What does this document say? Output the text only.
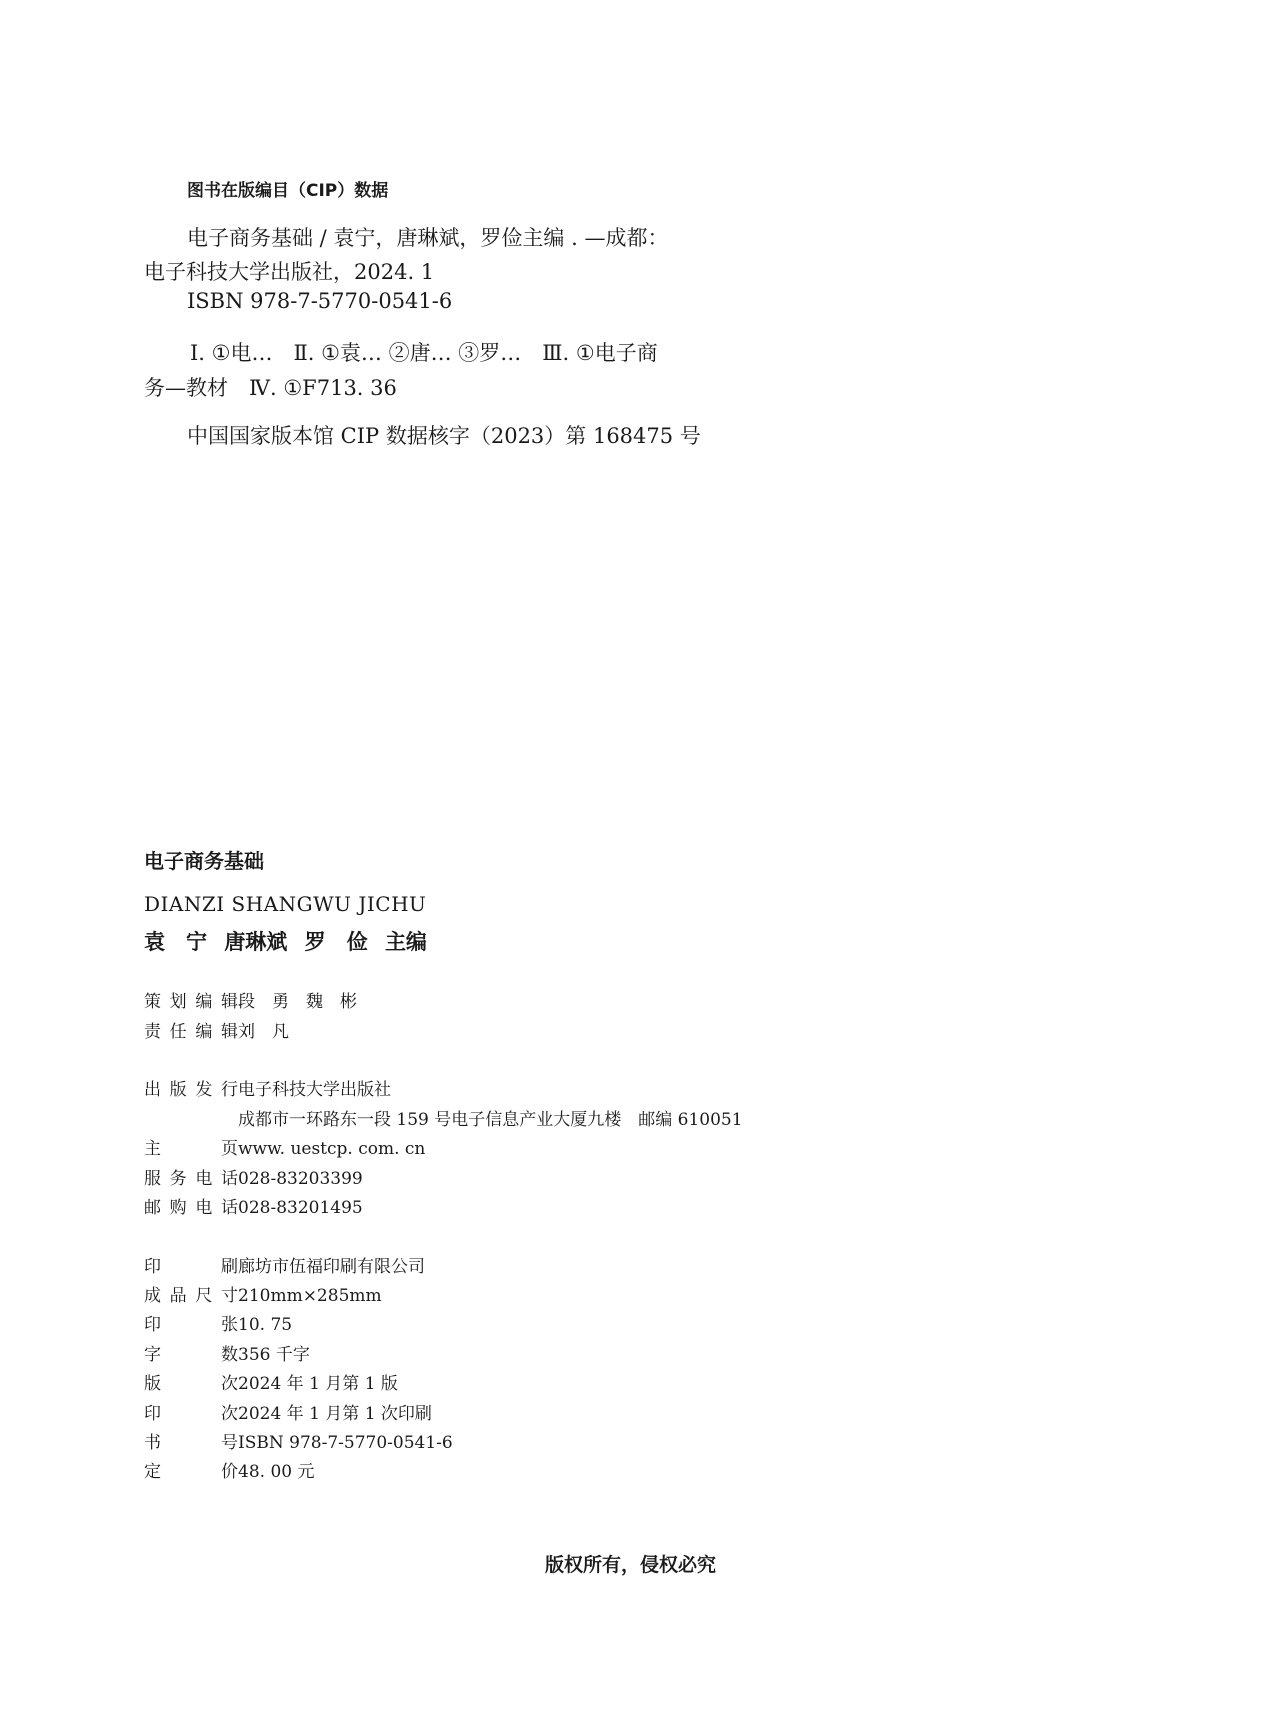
图书在版编目（CIP）数据
电子商务基础 / 袁宁，唐琳斌，罗俭主编 . —成都：
电子科技大学出版社，2024. 1
ISBN 978-7-5770-0541-6
Ⅰ. ①电…　Ⅱ. ①袁… ②唐… ③罗…　Ⅲ. ①电子商
务—教材　Ⅳ. ①F713. 36
中国国家版本馆 CIP 数据核字（2023）第 168475 号
电子商务基础
DIANZI SHANGWU JICHU
袁　宁 唐琳斌 罗　俭 主编
策划编辑段　勇　魏　彬
责任编辑刘　凡
出版发行电子科技大学出版社
成都市一环路东一段 159 号电子信息产业大厦九楼　邮编 610051
主页www. uestcp. com. cn
服务电话028-83203399
邮购电话028-83201495
印刷廊坊市伍福印刷有限公司
成品尺寸210mm×285mm
印张10. 75
字数356 千字
版次2024 年 1 月第 1 版
印次2024 年 1 月第 1 次印刷
书号ISBN 978-7-5770-0541-6
定价48. 00 元
版权所有，侵权必究
